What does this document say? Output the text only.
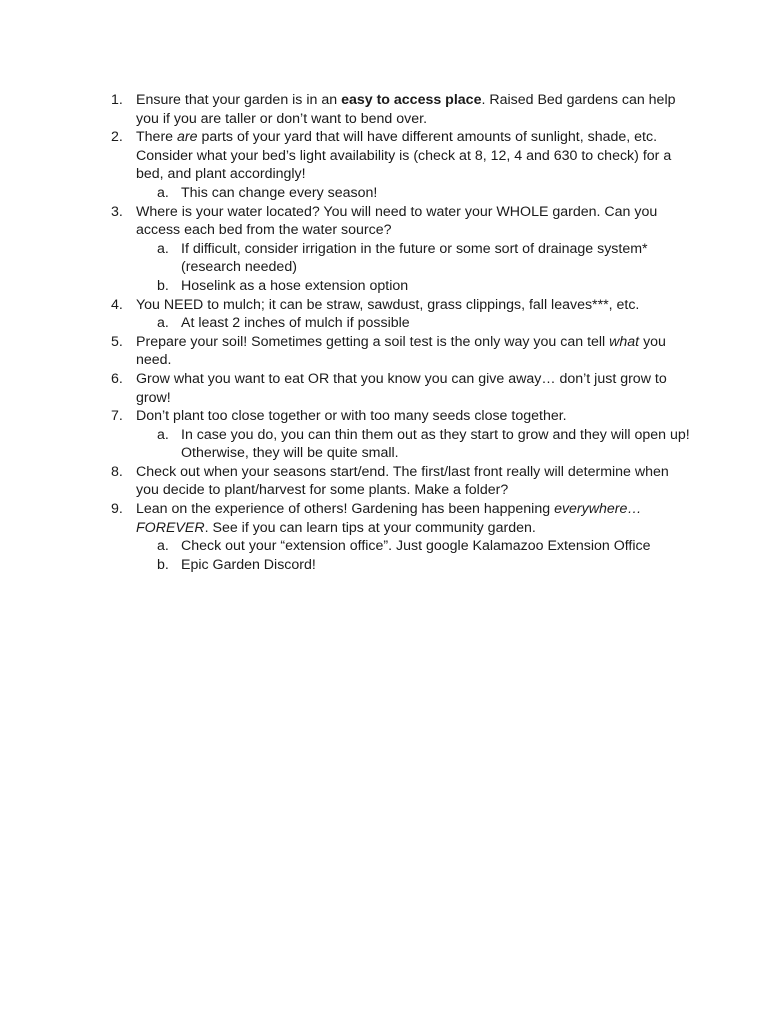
1. Ensure that your garden is in an easy to access place. Raised Bed gardens can help you if you are taller or don’t want to bend over.
2. There are parts of your yard that will have different amounts of sunlight, shade, etc. Consider what your bed’s light availability is (check at 8, 12, 4 and 630 to check) for a bed, and plant accordingly!
a. This can change every season!
3. Where is your water located? You will need to water your WHOLE garden. Can you access each bed from the water source?
a. If difficult, consider irrigation in the future or some sort of drainage system* (research needed)
b. Hoselink as a hose extension option
4. You NEED to mulch; it can be straw, sawdust, grass clippings, fall leaves***, etc.
a. At least 2 inches of mulch if possible
5. Prepare your soil! Sometimes getting a soil test is the only way you can tell what you need.
6. Grow what you want to eat OR that you know you can give away… don’t just grow to grow!
7. Don’t plant too close together or with too many seeds close together.
a. In case you do, you can thin them out as they start to grow and they will open up! Otherwise, they will be quite small.
8. Check out when your seasons start/end. The first/last front really will determine when you decide to plant/harvest for some plants. Make a folder?
9. Lean on the experience of others! Gardening has been happening everywhere… FOREVER. See if you can learn tips at your community garden.
a. Check out your “extension office”. Just google Kalamazoo Extension Office
b. Epic Garden Discord!
